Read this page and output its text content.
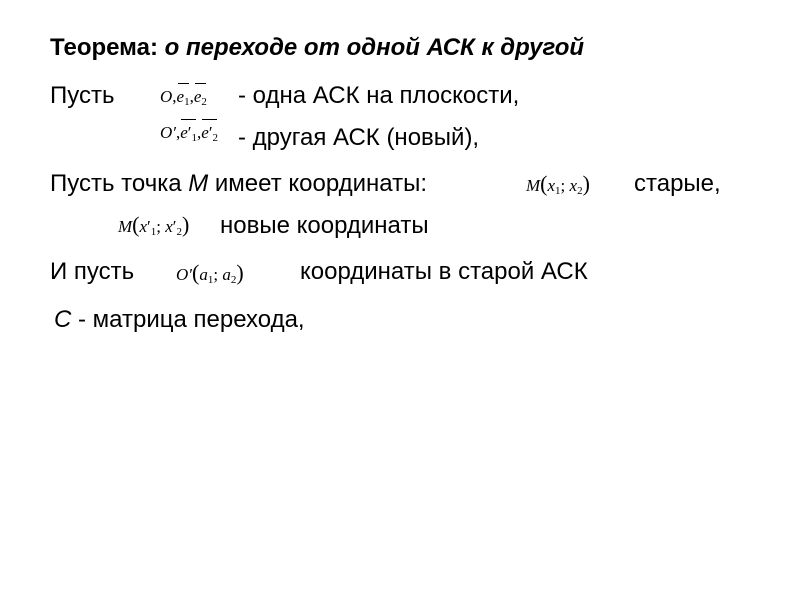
Теорема: о переходе от одной АСК к другой
Пусть	$O,e_1,e_2$ - одна АСК на плоскости,
$O',e'_1,e'_2$ - другая АСК (новый),
Пусть точка M имеет координаты:	$M(x_1$; $x_2$) старые,
$M(x'_1$; $x'_2$) новые координаты
И пусть $O'(a_1$; $a_2$) координаты в старой АСК
C - матрица перехода,
